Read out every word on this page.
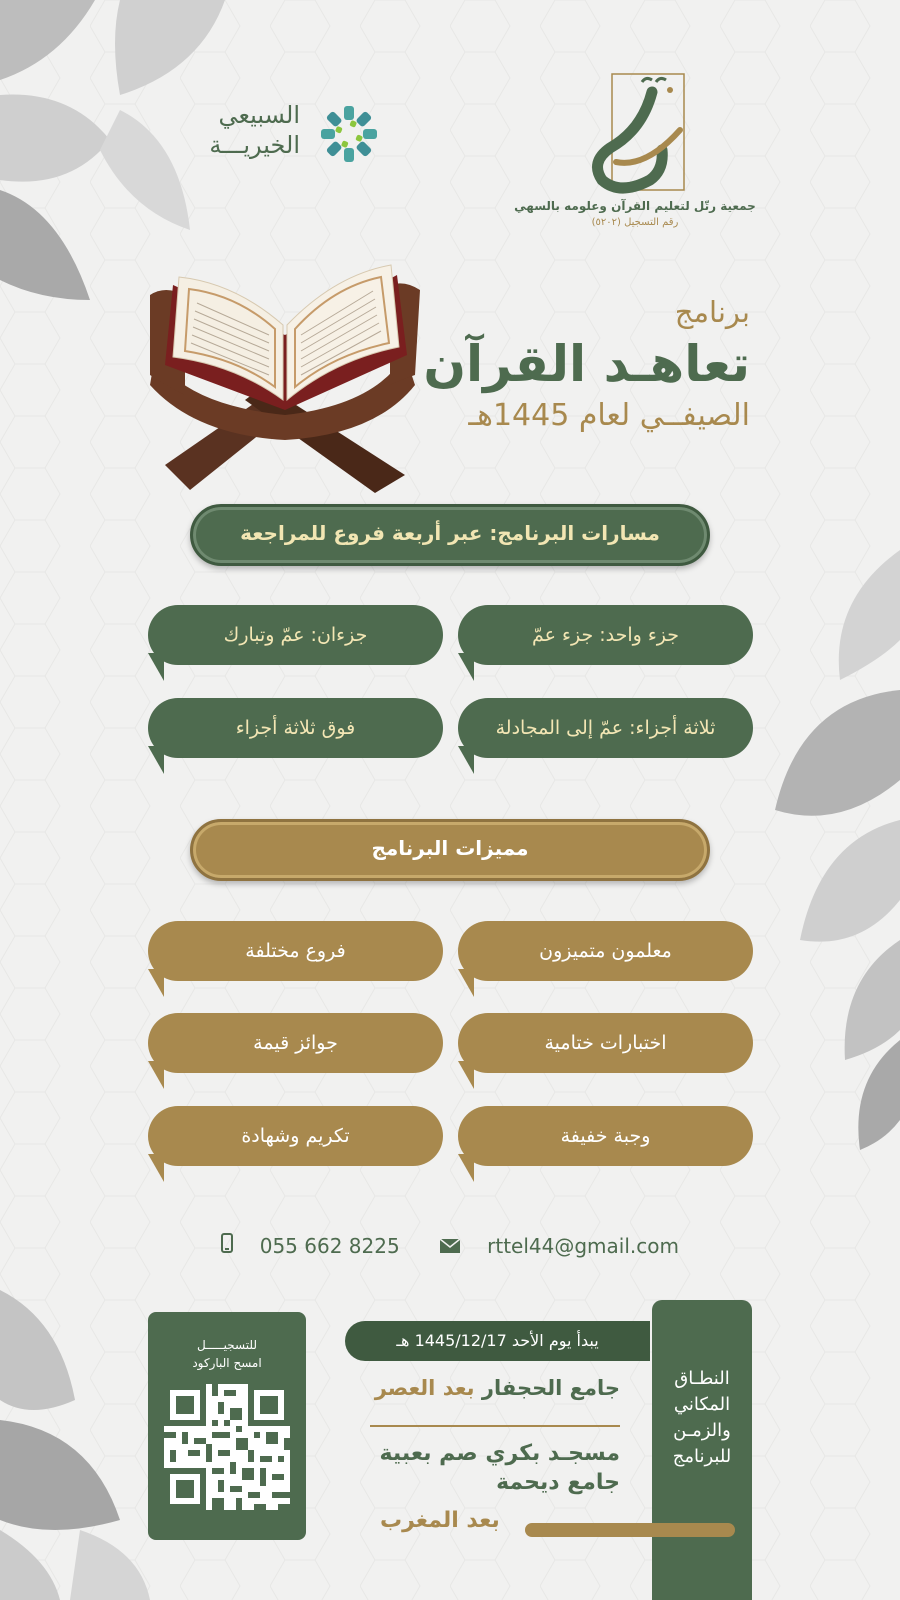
جمعية رتّل لتعليم القرآن وعلومه بالسهي
رقم التسجيل (٥٢٠٢)
السبيعي
الخيريـــة
برنامج
تعاهـد القرآن
الصيفــي لعام 1445هـ
مسارات البرنامج: عبر أربعة فروع للمراجعة
جزء واحد: جزء عمّ
جزءان: عمّ وتبارك
ثلاثة أجزاء: عمّ إلى المجادلة
فوق ثلاثة أجزاء
مميزات البرنامج
معلمون متميزون
فروع مختلفة
اختبارات ختامية
جوائز قيمة
وجبة خفيفة
تكريم وشهادة
055 662 8225	rttel44@gmail.com
للتسجيـــــل
امسح الباركود
النطـاق
المكاني
والزمـن
للبرنامج
يبدأ يوم الأحد 1445/12/17 هـ
جامع الحجفار بعد العصر
مسجـد بكري صم بعبية
جامع ديحمة
بعد المغرب
